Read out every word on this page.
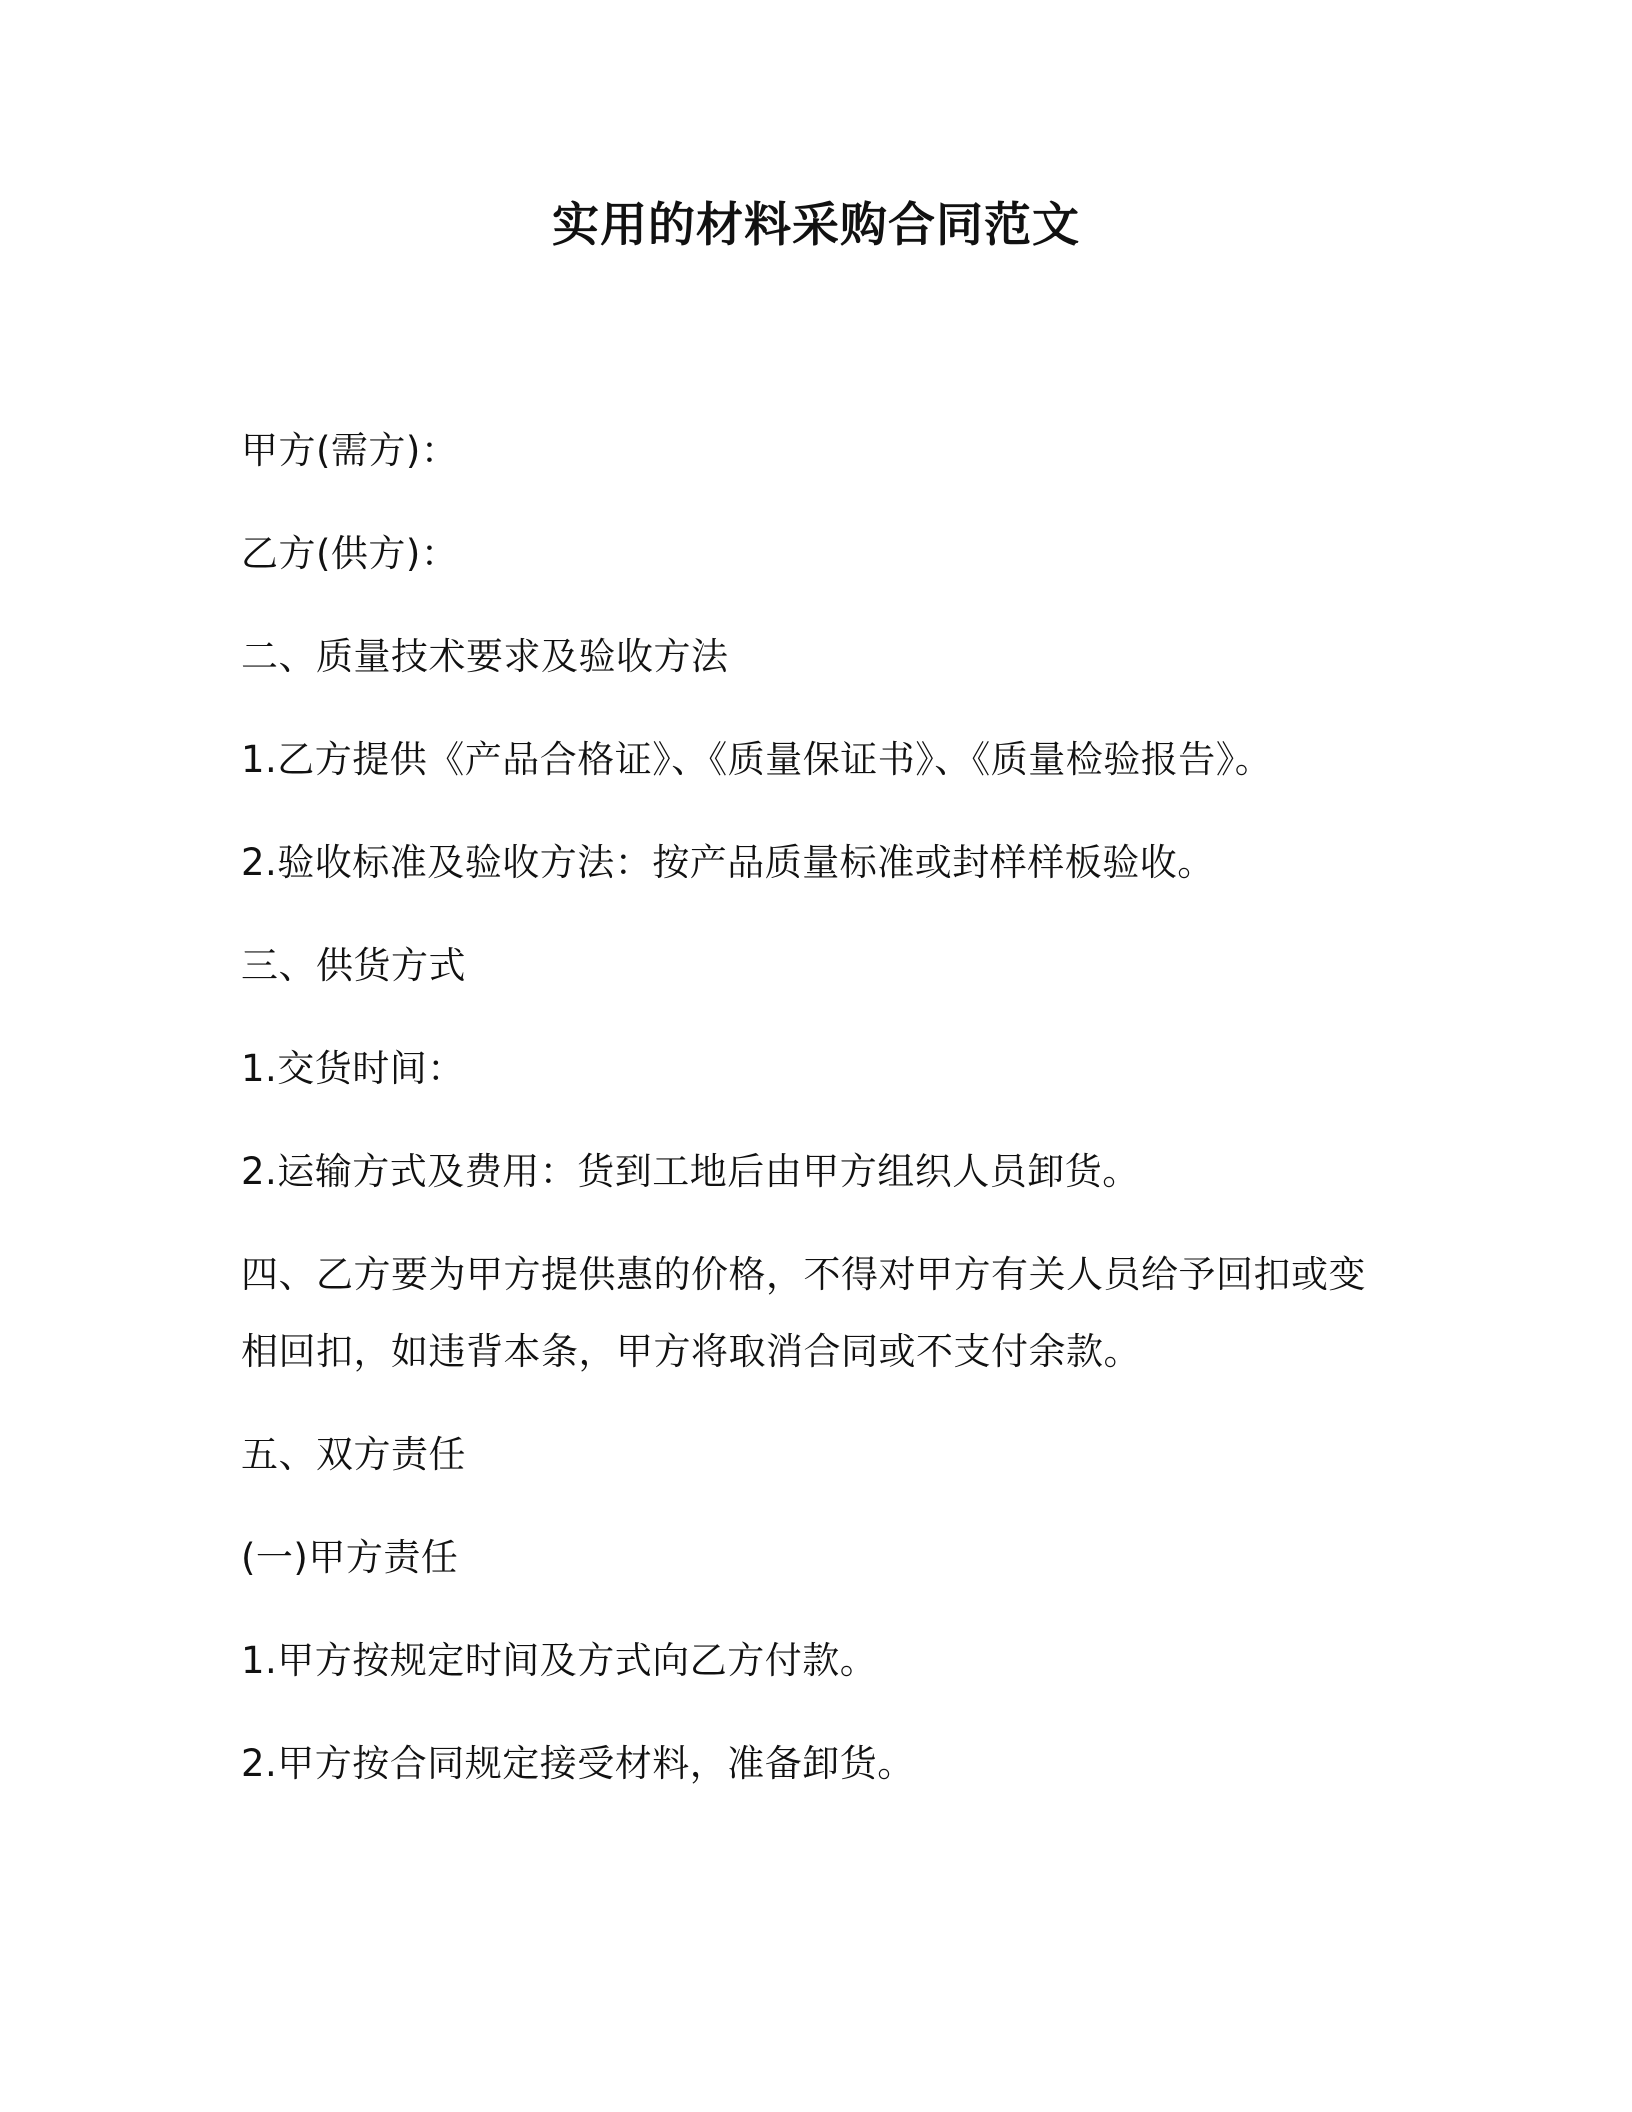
实用的材料采购合同范文

甲方(需方)：

乙方(供方)：

二、质量技术要求及验收方法

1.乙方提供《产品合格证》、《质量保证书》、《质量检验报告》。

2.验收标准及验收方法：按产品质量标准或封样样板验收。

三、供货方式

1.交货时间：

2.运输方式及费用：货到工地后由甲方组织人员卸货。

四、乙方要为甲方提供惠的价格，不得对甲方有关人员给予回扣或变相回扣，如违背本条，甲方将取消合同或不支付余款。

五、双方责任

(一)甲方责任

1.甲方按规定时间及方式向乙方付款。

2.甲方按合同规定接受材料，准备卸货。
